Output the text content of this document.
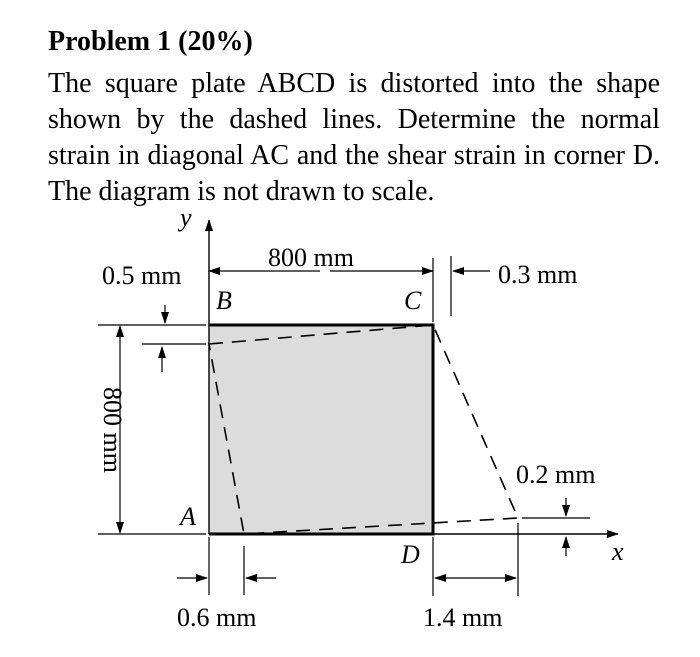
Problem 1 (20%)
The square plate ABCD is distorted into the shape shown by the dashed lines. Determine the normal strain in diagonal AC and the shear strain in corner D. The diagram is not drawn to scale.
y
x
B	C
A
D
800 mm
0.5 mm	0.3 mm
0.2 mm
0.6 mm	1.4 mm
800 mm
